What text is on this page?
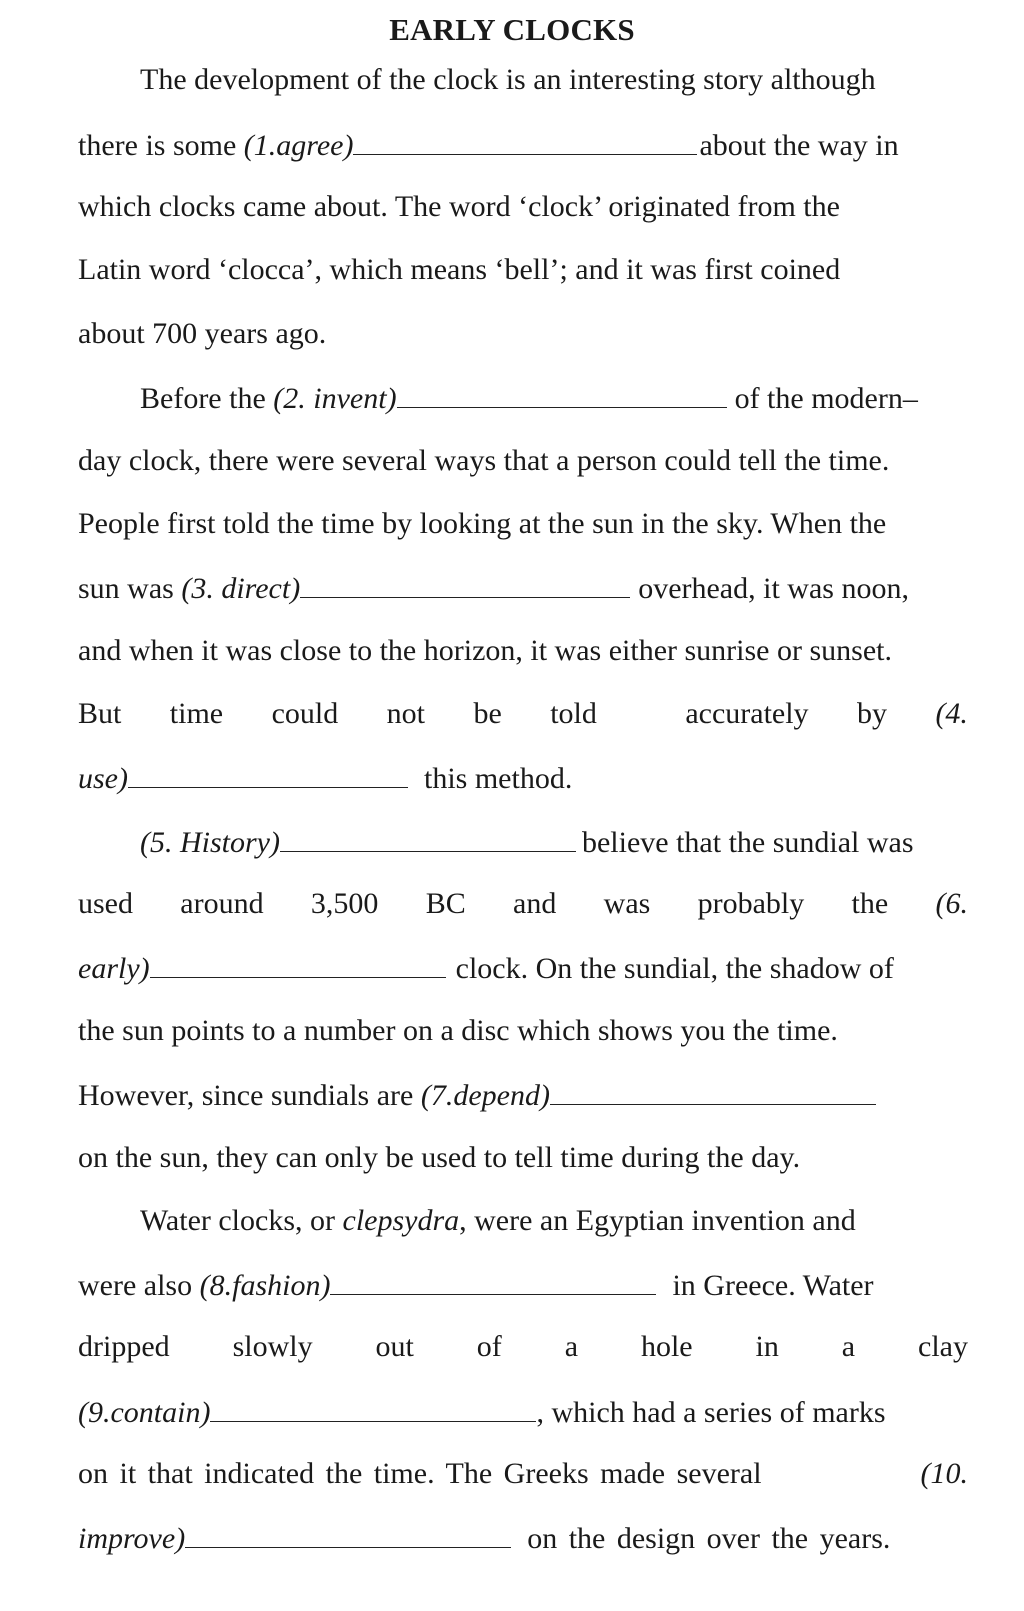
EARLY CLOCKS
The development of the clock is an interesting story although
there is some
(1.agree)	about the way in
which clocks came about. The word ‘clock’ originated from the
Latin word ‘clocca’, which means ‘bell’; and it was first coined
about 700 years ago.
Before the
(2. invent)	of the modern–
day clock, there were several ways that a person could tell the time.
People first told the time by looking at the sun in the sky. When the
sun was
(3. direct)	overhead, it was noon,
and when it was close to the horizon, it was either sunrise or sunset.
But time could not be told	accurately by (4.
use)	this method.
(5. History)	believe that the sundial was
used around 3,500 BC and was probably the (6.
early)	clock. On the sundial, the shadow of
the sun points to a number on a disc which shows you the time.
However, since sundials are
(7.depend)
on the sun, they can only be used to tell time during the day.
Water clocks, or
clepsydra , were an Egyptian invention and
were also
(8.fashion)	in Greece. Water
dripped slowly out of a hole in a clay
(9.contain)	, which had a series of marks
on it that indicated the time. The Greeks made several	(10.
improve)	on the design over the years.
